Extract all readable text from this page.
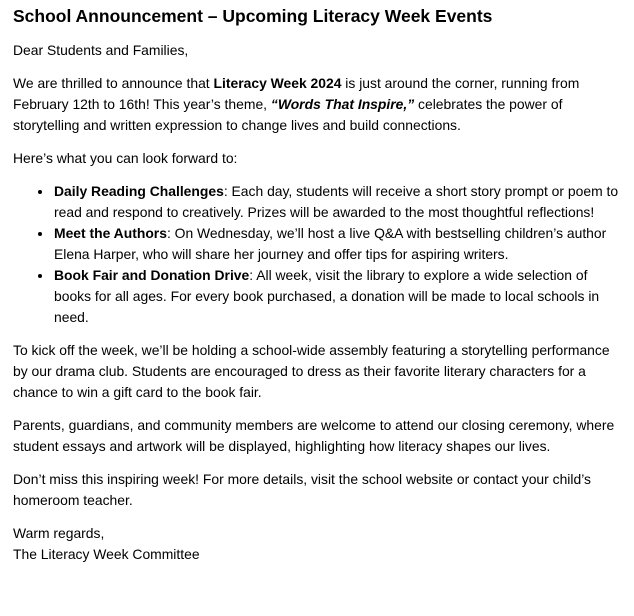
School Announcement – Upcoming Literacy Week Events

Dear Students and Families,

We are thrilled to announce that Literacy Week 2024 is just around the corner, running from February 12th to 16th! This year’s theme, “Words That Inspire,” celebrates the power of storytelling and written expression to change lives and build connections.

Here’s what you can look forward to:

• Daily Reading Challenges: Each day, students will receive a short story prompt or poem to read and respond to creatively. Prizes will be awarded to the most thoughtful reflections!
• Meet the Authors: On Wednesday, we’ll host a live Q&A with bestselling children’s author Elena Harper, who will share her journey and offer tips for aspiring writers.
• Book Fair and Donation Drive: All week, visit the library to explore a wide selection of books for all ages. For every book purchased, a donation will be made to local schools in need.

To kick off the week, we’ll be holding a school-wide assembly featuring a storytelling performance by our drama club. Students are encouraged to dress as their favorite literary characters for a chance to win a gift card to the book fair.

Parents, guardians, and community members are welcome to attend our closing ceremony, where student essays and artwork will be displayed, highlighting how literacy shapes our lives.

Don’t miss this inspiring week! For more details, visit the school website or contact your child’s homeroom teacher.

Warm regards,
The Literacy Week Committee
